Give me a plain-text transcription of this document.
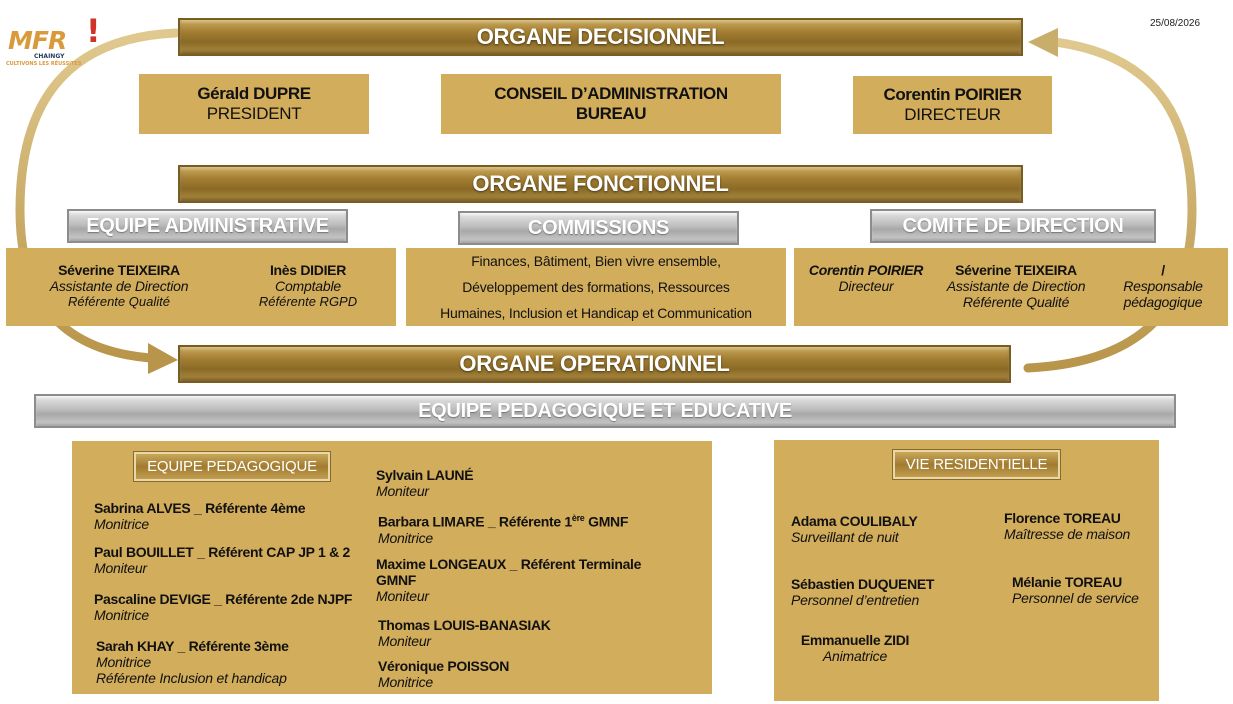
MFR !
CHAINGY
CULTIVONS LES RÉUSSITES
25/08/2026
ORGANE DECISIONNEL
Gérald DUPRE
PRESIDENT
CONSEIL D’ADMINISTRATION
BUREAU
Corentin POIRIER
DIRECTEUR
ORGANE FONCTIONNEL
EQUIPE ADMINISTRATIVE	COMMISSIONS	COMITE DE DIRECTION
Séverine TEIXEIRA
Assistante de Direction
Référente Qualité
Inès DIDIER
Comptable
Référente RGPD
Finances, Bâtiment, Bien vivre ensemble,
Développement des formations, Ressources
Humaines, Inclusion et Handicap et Communication
Corentin POIRIER
Directeur
Séverine TEIXEIRA
Assistante de Direction
Référente Qualité
/
Responsable
pédagogique
ORGANE OPERATIONNEL
EQUIPE PEDAGOGIQUE ET EDUCATIVE
EQUIPE PEDAGOGIQUE
Sabrina ALVES _ Référente 4ème
Monitrice
Paul BOUILLET _ Référent CAP JP 1 & 2
Moniteur
Pascaline DEVIGE _ Référente 2de NJPF
Monitrice
Sarah KHAY _ Référente 3ème
Monitrice
Référente Inclusion et handicap
Sylvain LAUNÉ
Moniteur
Barbara LIMARE _ Référente 1ère GMNF
Monitrice
Maxime LONGEAUX _ Référent Terminale
GMNF
Moniteur
Thomas LOUIS-BANASIAK
Moniteur
Véronique POISSON
Monitrice
VIE RESIDENTIELLE
Adama COULIBALY
Surveillant de nuit
Florence TOREAU
Maîtresse de maison
Sébastien DUQUENET
Personnel d’entretien
Mélanie TOREAU
Personnel de service
Emmanuelle ZIDI
Animatrice
